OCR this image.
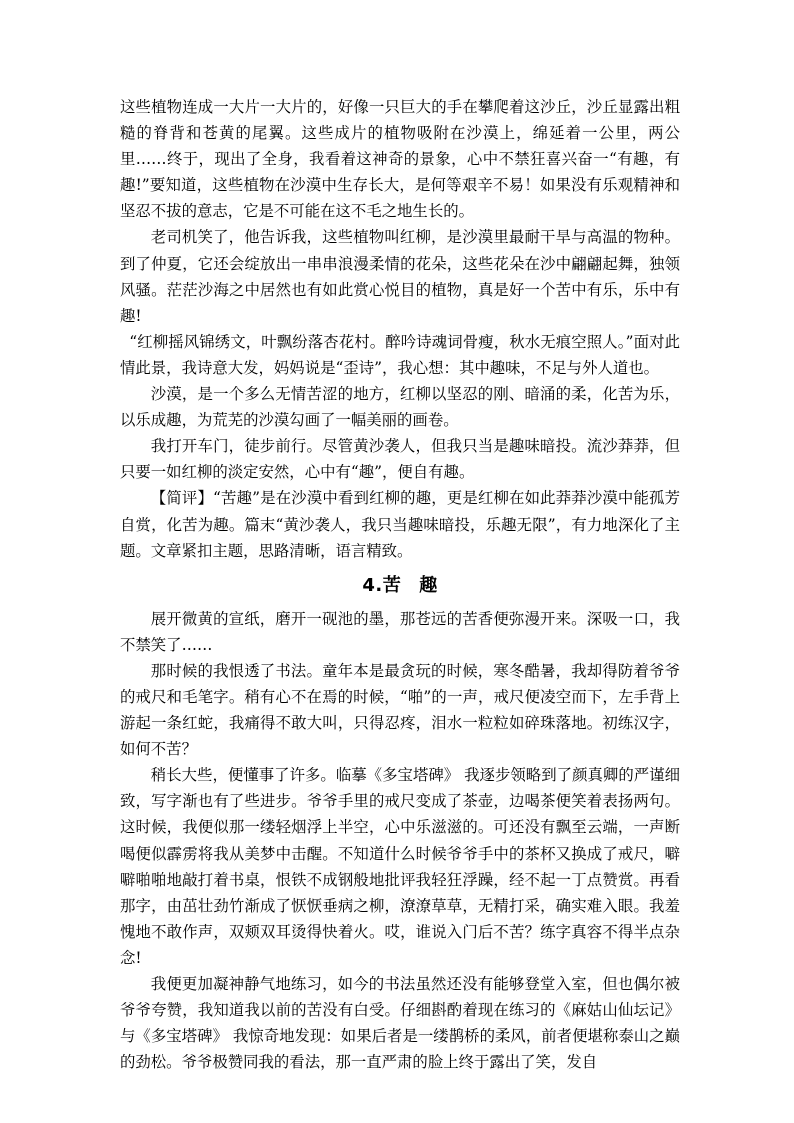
这些植物连成一大片一大片的，好像一只巨大的手在攀爬着这沙丘，沙丘显露出粗糙的脊背和苍黄的尾翼。这些成片的植物吸附在沙漠上，绵延着一公里，两公里……终于，现出了全身，我看着这神奇的景象，心中不禁狂喜兴奋一“有趣，有趣!”要知道，这些植物在沙漠中生存长大，是何等艰辛不易！如果没有乐观精神和坚忍不拔的意志，它是不可能在这不毛之地生长的。

老司机笑了，他告诉我，这些植物叫红柳，是沙漠里最耐干旱与高温的物种。到了仲夏，它还会绽放出一串串浪漫柔情的花朵，这些花朵在沙中翩翩起舞，独领风骚。茫茫沙海之中居然也有如此赏心悦目的植物，真是好一个苦中有乐，乐中有趣!

“红柳摇风锦绣文，叶飘纷落杏花村。醉吟诗魂词骨瘦，秋水无痕空照人。”面对此情此景，我诗意大发，妈妈说是“歪诗”，我心想：其中趣味，不足与外人道也。

沙漠，是一个多么无情苦涩的地方，红柳以坚忍的刚、暗涌的柔，化苦为乐，以乐成趣，为荒芜的沙漠勾画了一幅美丽的画卷。

我打开车门，徒步前行。尽管黄沙袭人，但我只当是趣味暗投。流沙莽莽，但只要一如红柳的淡定安然，心中有“趣”，便自有趣。

【简评】“苦趣”是在沙漠中看到红柳的趣，更是红柳在如此莽莽沙漠中能孤芳自赏，化苦为趣。篇末“黄沙袭人，我只当趣味暗投，乐趣无限”，有力地深化了主题。文章紧扣主题，思路清晰，语言精致。

4.苦 趣

展开微黄的宣纸，磨开一砚池的墨，那苍远的苦香便弥漫开来。深吸一口，我不禁笑了……

那时候的我恨透了书法。童年本是最贪玩的时候，寒冬酷暑，我却得防着爷爷的戒尺和毛笔字。稍有心不在焉的时候，“啪”的一声，戒尺便凌空而下，左手背上游起一条红蛇，我痛得不敢大叫，只得忍疼，泪水一粒粒如碎珠落地。初练汉字，如何不苦？

稍长大些，便懂事了许多。临摹《多宝塔碑》 我逐步领略到了颜真卿的严谨细致，写字渐也有了些进步。爷爷手里的戒尺变成了茶壶，边喝茶便笑着表扬两句。这时候，我便似那一缕轻烟浮上半空，心中乐滋滋的。可还没有飘至云端，一声断喝便似霹雳将我从美梦中击醒。不知道什么时候爷爷手中的茶杯又换成了戒尺，噼噼啪啪地敲打着书桌，恨铁不成钢般地批评我轻狂浮躁，经不起一丁点赞赏。再看那字，由茁壮劲竹渐成了恹恹垂病之柳，潦潦草草，无精打采，确实难入眼。我羞愧地不敢作声，双颊双耳烫得快着火。哎，谁说入门后不苦？练字真容不得半点杂念!

我便更加凝神静气地练习，如今的书法虽然还没有能够登堂入室，但也偶尔被爷爷夸赞，我知道我以前的苦没有白受。仔细斟酌着现在练习的《麻姑山仙坛记》与《多宝塔碑》 我惊奇地发现：如果后者是一缕鹊桥的柔风，前者便堪称泰山之巅的劲松。爷爷极赞同我的看法，那一直严肃的脸上终于露出了笑，发自
